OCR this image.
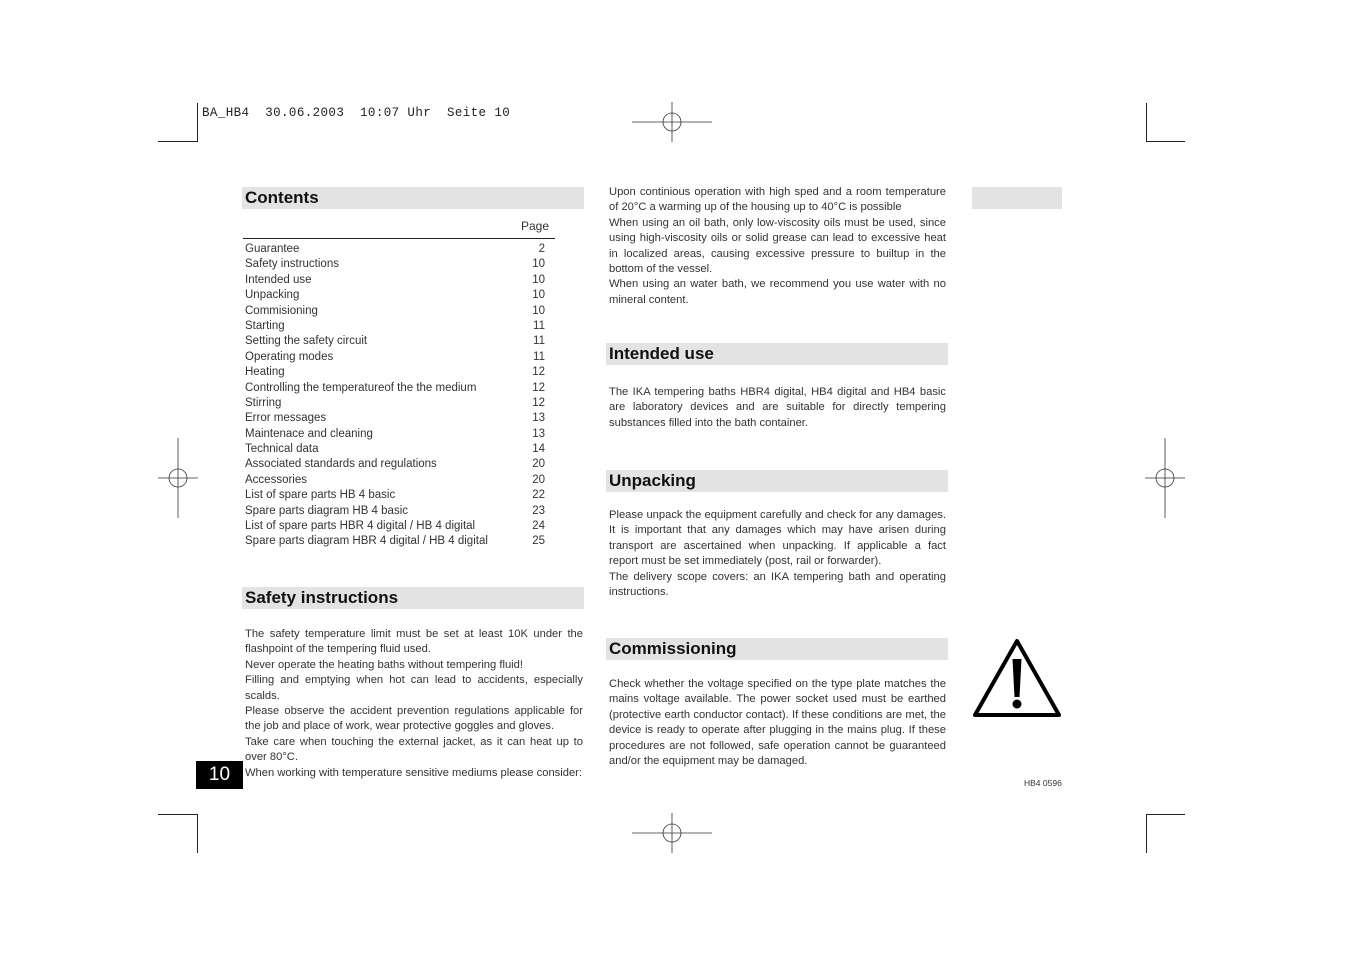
BA_HB4  30.06.2003  10:07 Uhr  Seite 10
Contents
Page
Guarantee	2
Safety instructions	10
Intended use	10
Unpacking	10
Commisioning	10
Starting	11
Setting the safety circuit	11
Operating modes	11
Heating	12
Controlling the temperatureof the the medium	12
Stirring	12
Error messages	13
Maintenace and cleaning	13
Technical data	14
Associated standards and regulations	20
Accessories	20
List of spare parts HB 4 basic	22
Spare parts diagram HB 4 basic	23
List of spare parts HBR 4 digital / HB 4 digital	24
Spare parts diagram HBR 4 digital / HB 4 digital	25
Safety instructions

The safety temperature limit must be set at least 10K under the flashpoint of the tempering fluid used.

Never operate the heating baths without tempering fluid!

Filling and emptying when hot can lead to accidents, especially scalds.

Please observe the accident prevention regulations applicable for the job and place of work, wear protective goggles and gloves.

Take care when touching the external jacket, as it can heat up to over 80°C.

When working with temperature sensitive mediums please consider:

10

Upon continious operation with high sped and a room temperature of 20°C a warming up of the housing up to 40°C is possible

When using an oil bath, only low-viscosity oils must be used, since using high-viscosity oils or solid grease can lead to excessive heat in localized areas, causing excessive pressure to builtup in the bottom of the vessel.

When using an water bath, we recommend you use water with no mineral content.

Intended use

The IKA tempering baths HBR4 digital, HB4 digital and HB4 basic are laboratory devices and are suitable for directly tempering substances filled into the bath container.

Unpacking

Please unpack the equipment carefully and check for any damages. It is important that any damages which may have arisen during transport are ascertained when unpacking. If applicable a fact report must be set immediately (post, rail or forwarder).

The delivery scope covers: an IKA tempering bath and operating instructions.

Commissioning

Check whether the voltage specified on the type plate matches the mains voltage available. The power socket used must be earthed (protective earth conductor contact). If these conditions are met, the device is ready to operate after plugging in the mains plug. If these procedures are not followed, safe operation cannot be guaranteed and/or the equipment may be damaged.

HB4 0596
